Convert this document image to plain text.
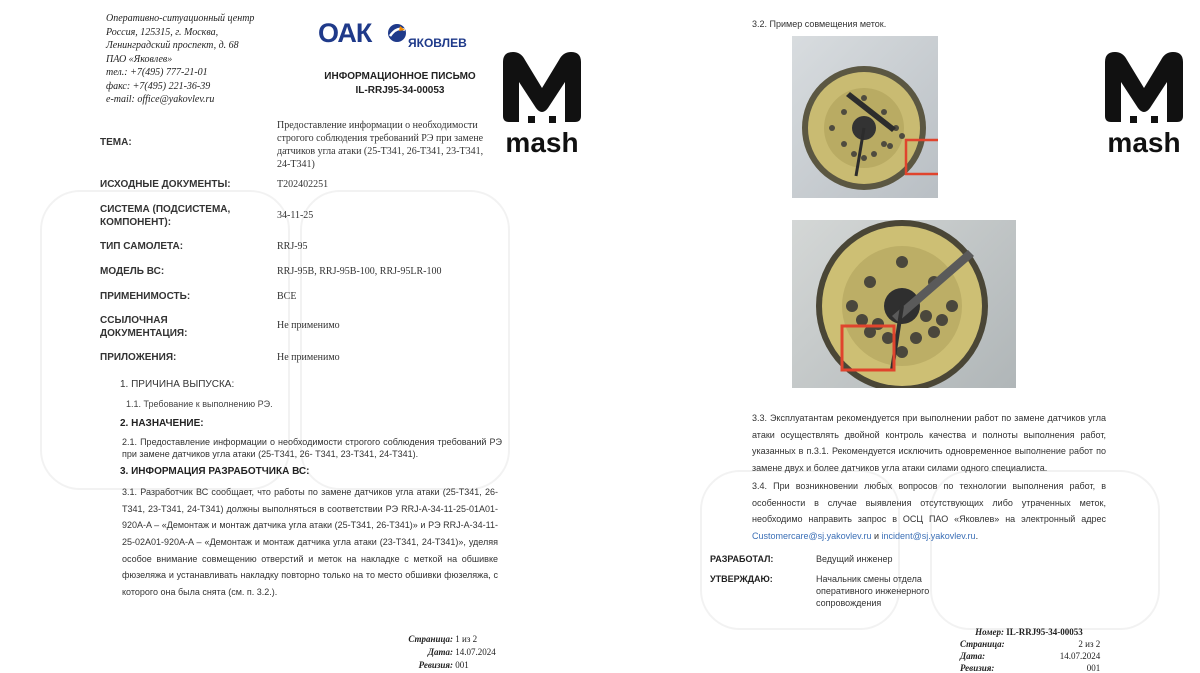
Оперативно-ситуационный центр
Россия, 125315, г. Москва,
Ленинградский проспект, д. 68
ПАО «Яковлев»
тел.: +7(495) 777-21-01
факс: +7(495) 221-36-39
e-mail: office@yakovlev.ru
ОАК	ЯКОВЛЕВ
ИНФОРМАЦИОННОЕ ПИСЬМО
IL-RRJ95-34-00053
mash
ТЕМА:
Предоставление информации о необходимости строгого соблюдения требований РЭ при замене датчиков угла атаки (25-Т341, 26-Т341, 23-Т341, 24-Т341)
ИСХОДНЫЕ ДОКУМЕНТЫ:	T202402251
СИСТЕМА (ПОДСИСТЕМА, КОМПОНЕНТ):
34-11-25
ТИП САМОЛЕТА:	RRJ-95
МОДЕЛЬ ВС:	RRJ-95B, RRJ-95B-100, RRJ-95LR-100
ПРИМЕНИМОСТЬ:	ВСЕ
ССЫЛОЧНАЯ ДОКУМЕНТАЦИЯ:
Не применимо
ПРИЛОЖЕНИЯ:	Не применимо
1. ПРИЧИНА ВЫПУСКА:
1.1. Требование к выполнению РЭ.
2. НАЗНАЧЕНИЕ:
2.1. Предоставление информации о необходимости строгого соблюдения требований РЭ при замене датчиков угла атаки (25-Т341, 26- Т341, 23-Т341, 24-Т341).
3. ИНФОРМАЦИЯ РАЗРАБОТЧИКА ВС:
3.1. Разработчик ВС сообщает, что работы по замене датчиков угла атаки (25-Т341, 26-Т341, 23-Т341, 24-Т341) должны выполняться в соответствии РЭ RRJ-A-34-11-25-01A01-920A-A – «Демонтаж и монтаж датчика угла атаки (25-Т341, 26-Т341)» и РЭ RRJ-A-34-11-25-02A01-920A-A – «Демонтаж и монтаж датчика угла атаки (23-Т341, 24-Т341)», уделяя особое внимание совмещению отверстий и меток на накладке с меткой на обшивке фюзеляжа и устанавливать накладку повторно только на то место обшивки фюзеляжа, с которого она была снята (см. п. 3.2.).
Страница: 1 из 2
Дата: 14.07.2024
Ревизия: 001
3.2. Пример совмещения меток.
mash
3.3. Эксплуатантам рекомендуется при выполнении работ по замене датчиков угла атаки осуществлять двойной контроль качества и полноты выполнения работ, указанных в п.3.1. Рекомендуется исключить одновременное выполнение работ по замене двух и более датчиков угла атаки силами одного специалиста.
3.4. При возникновении любых вопросов по технологии выполнения работ, в особенности в случае выявления отсутствующих либо утраченных меток, необходимо направить запрос в ОСЦ ПАО «Яковлев» на электронный адрес Customercare@sj.yakovlev.ru и incident@sj.yakovlev.ru.
РАЗРАБОТАЛ:	Ведущий инженер
УТВЕРЖДАЮ:	Начальник смены отдела оперативного инженерного сопровождения
Номер: IL-RRJ95-34-00053
Страница:	2 из 2
Дата:	14.07.2024
Ревизия:	001
